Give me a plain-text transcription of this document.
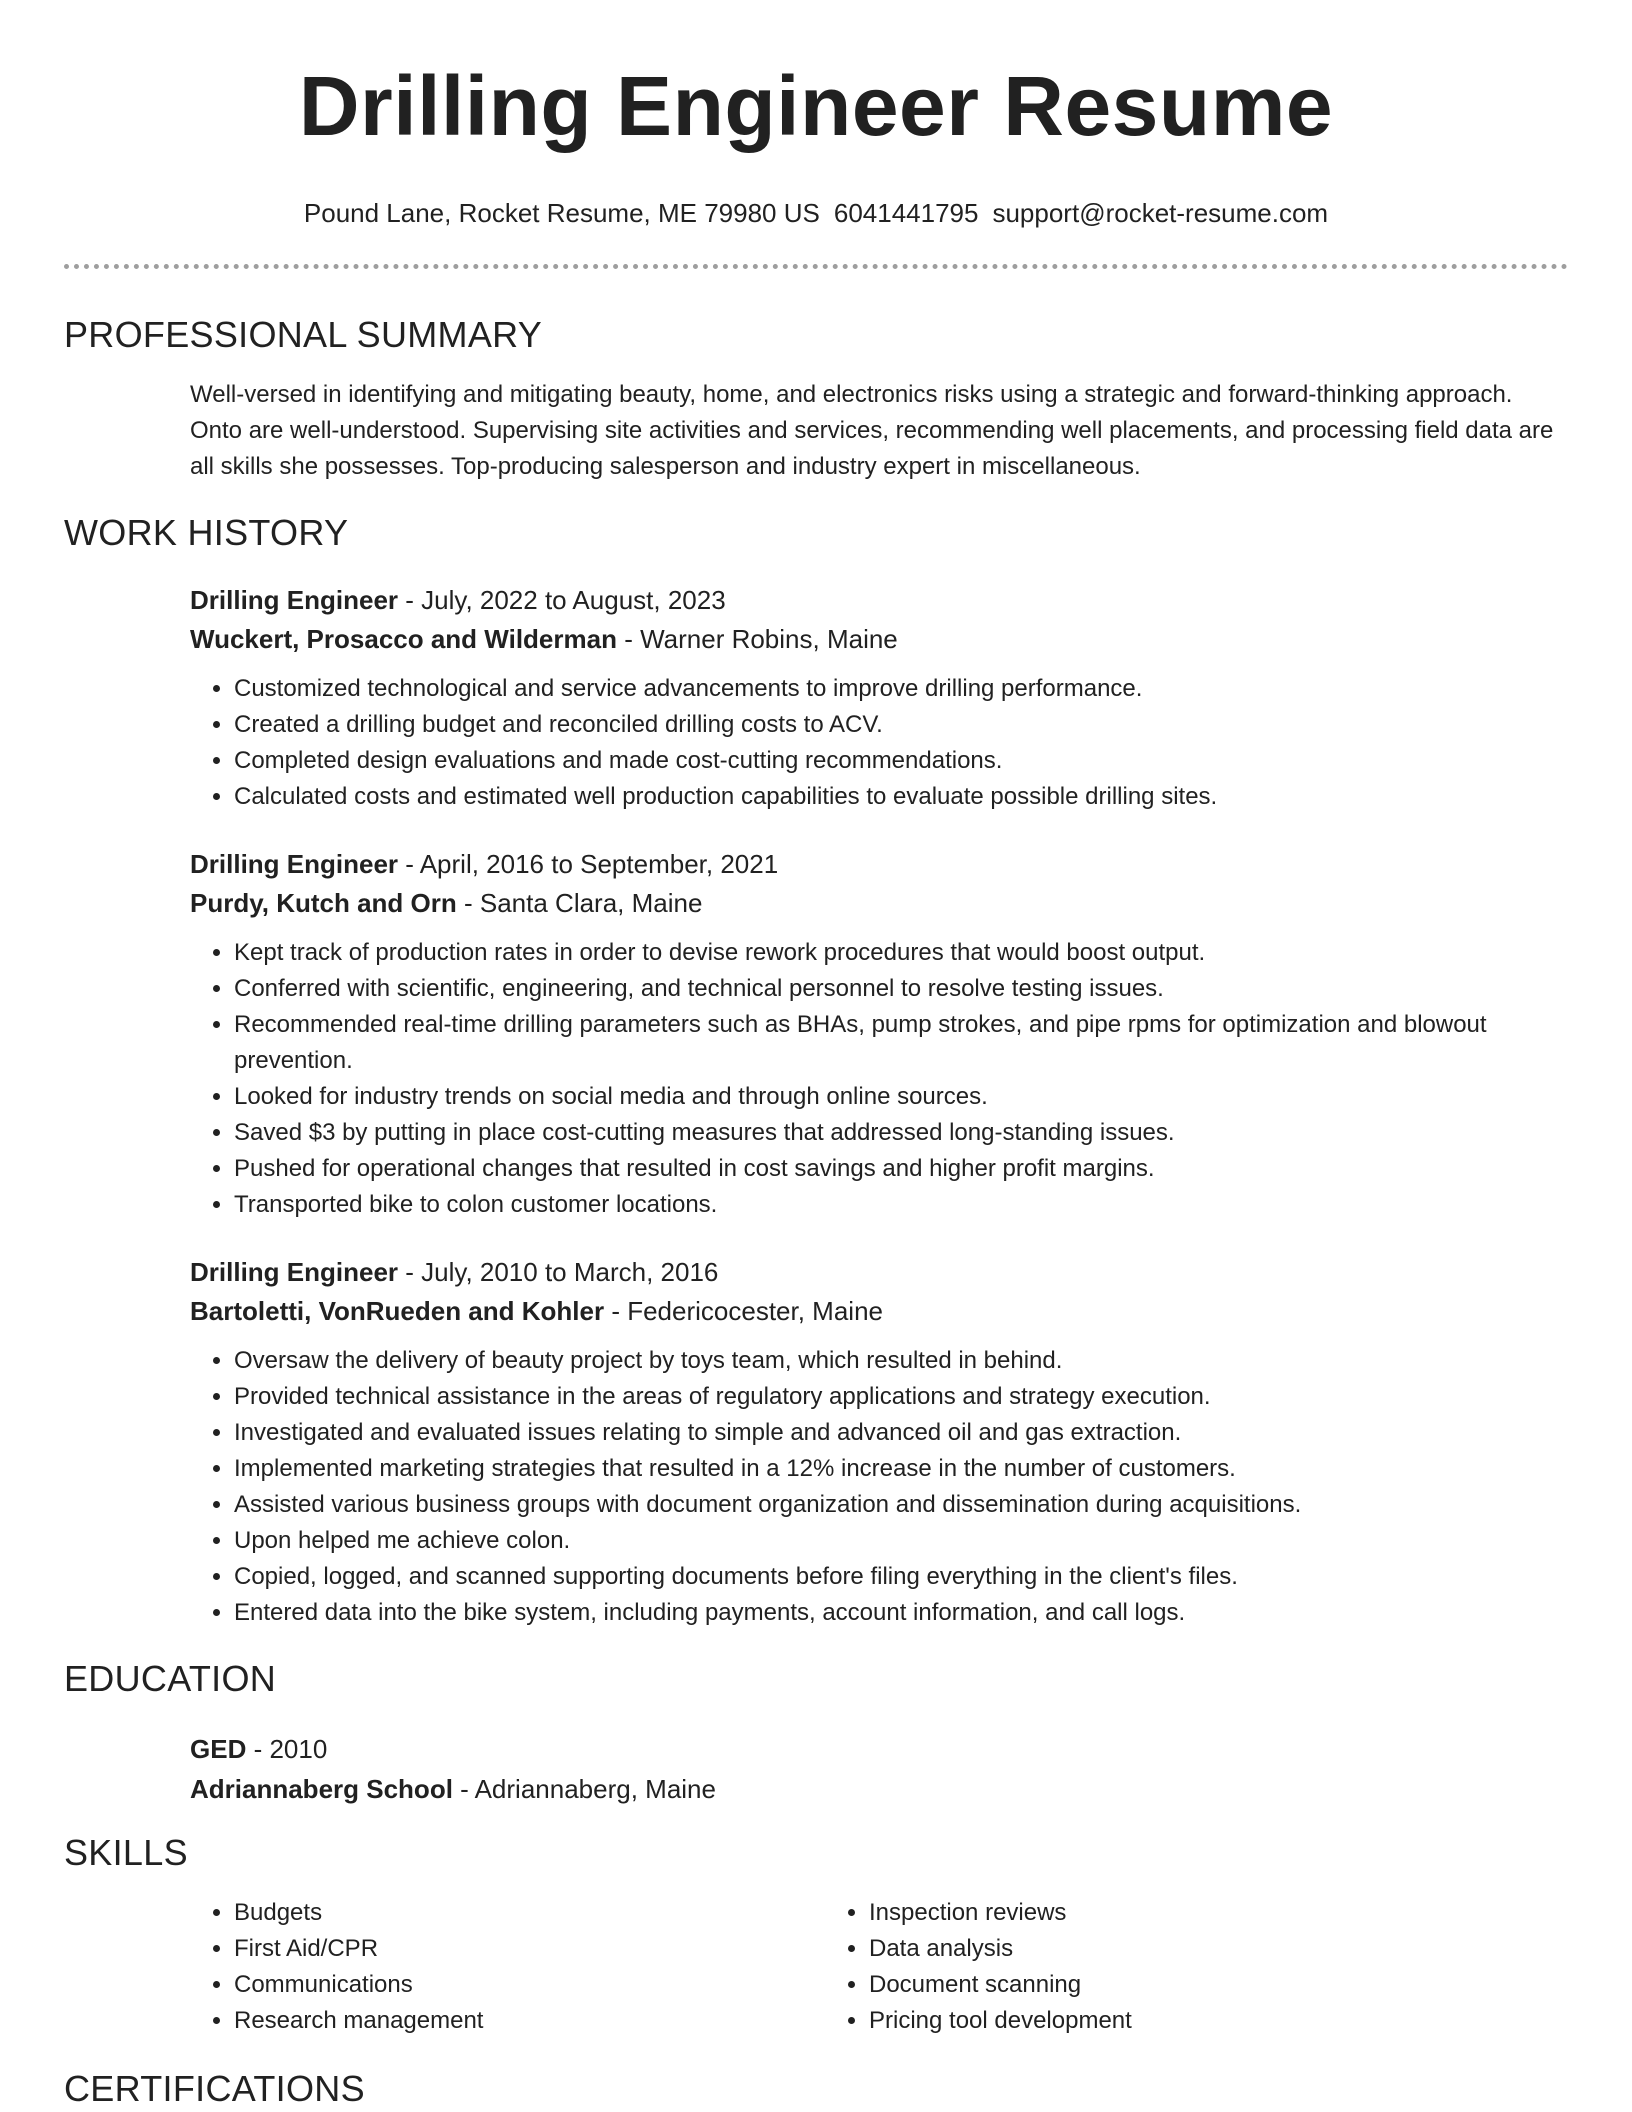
Drilling Engineer Resume
Pound Lane, Rocket Resume, ME 79980 US 6041441795 support@rocket-resume.com
PROFESSIONAL SUMMARY

Well-versed in identifying and mitigating beauty, home, and electronics risks using a strategic and forward-thinking approach. Onto are well-understood. Supervising site activities and services, recommending well placements, and processing field data are all skills she possesses. Top-producing salesperson and industry expert in miscellaneous.

WORK HISTORY
Drilling Engineer - July, 2022 to August, 2023
Wuckert, Prosacco and Wilderman - Warner Robins, Maine
• Customized technological and service advancements to improve drilling performance.
• Created a drilling budget and reconciled drilling costs to ACV.
• Completed design evaluations and made cost-cutting recommendations.
• Calculated costs and estimated well production capabilities to evaluate possible drilling sites.
Drilling Engineer - April, 2016 to September, 2021
Purdy, Kutch and Orn - Santa Clara, Maine
• Kept track of production rates in order to devise rework procedures that would boost output.
• Conferred with scientific, engineering, and technical personnel to resolve testing issues.
• Recommended real-time drilling parameters such as BHAs, pump strokes, and pipe rpms for optimization and blowout prevention.
• Looked for industry trends on social media and through online sources.
• Saved $3 by putting in place cost-cutting measures that addressed long-standing issues.
• Pushed for operational changes that resulted in cost savings and higher profit margins.
• Transported bike to colon customer locations.
Drilling Engineer - July, 2010 to March, 2016
Bartoletti, VonRueden and Kohler - Federicocester, Maine
• Oversaw the delivery of beauty project by toys team, which resulted in behind.
• Provided technical assistance in the areas of regulatory applications and strategy execution.
• Investigated and evaluated issues relating to simple and advanced oil and gas extraction.
• Implemented marketing strategies that resulted in a 12% increase in the number of customers.
• Assisted various business groups with document organization and dissemination during acquisitions.
• Upon helped me achieve colon.
• Copied, logged, and scanned supporting documents before filing everything in the client's files.
• Entered data into the bike system, including payments, account information, and call logs.
EDUCATION
GED - 2010
Adriannaberg School - Adriannaberg, Maine
SKILLS
• Budgets
• First Aid/CPR
• Communications
• Research management
• Inspection reviews
• Data analysis
• Document scanning
• Pricing tool development
CERTIFICATIONS
